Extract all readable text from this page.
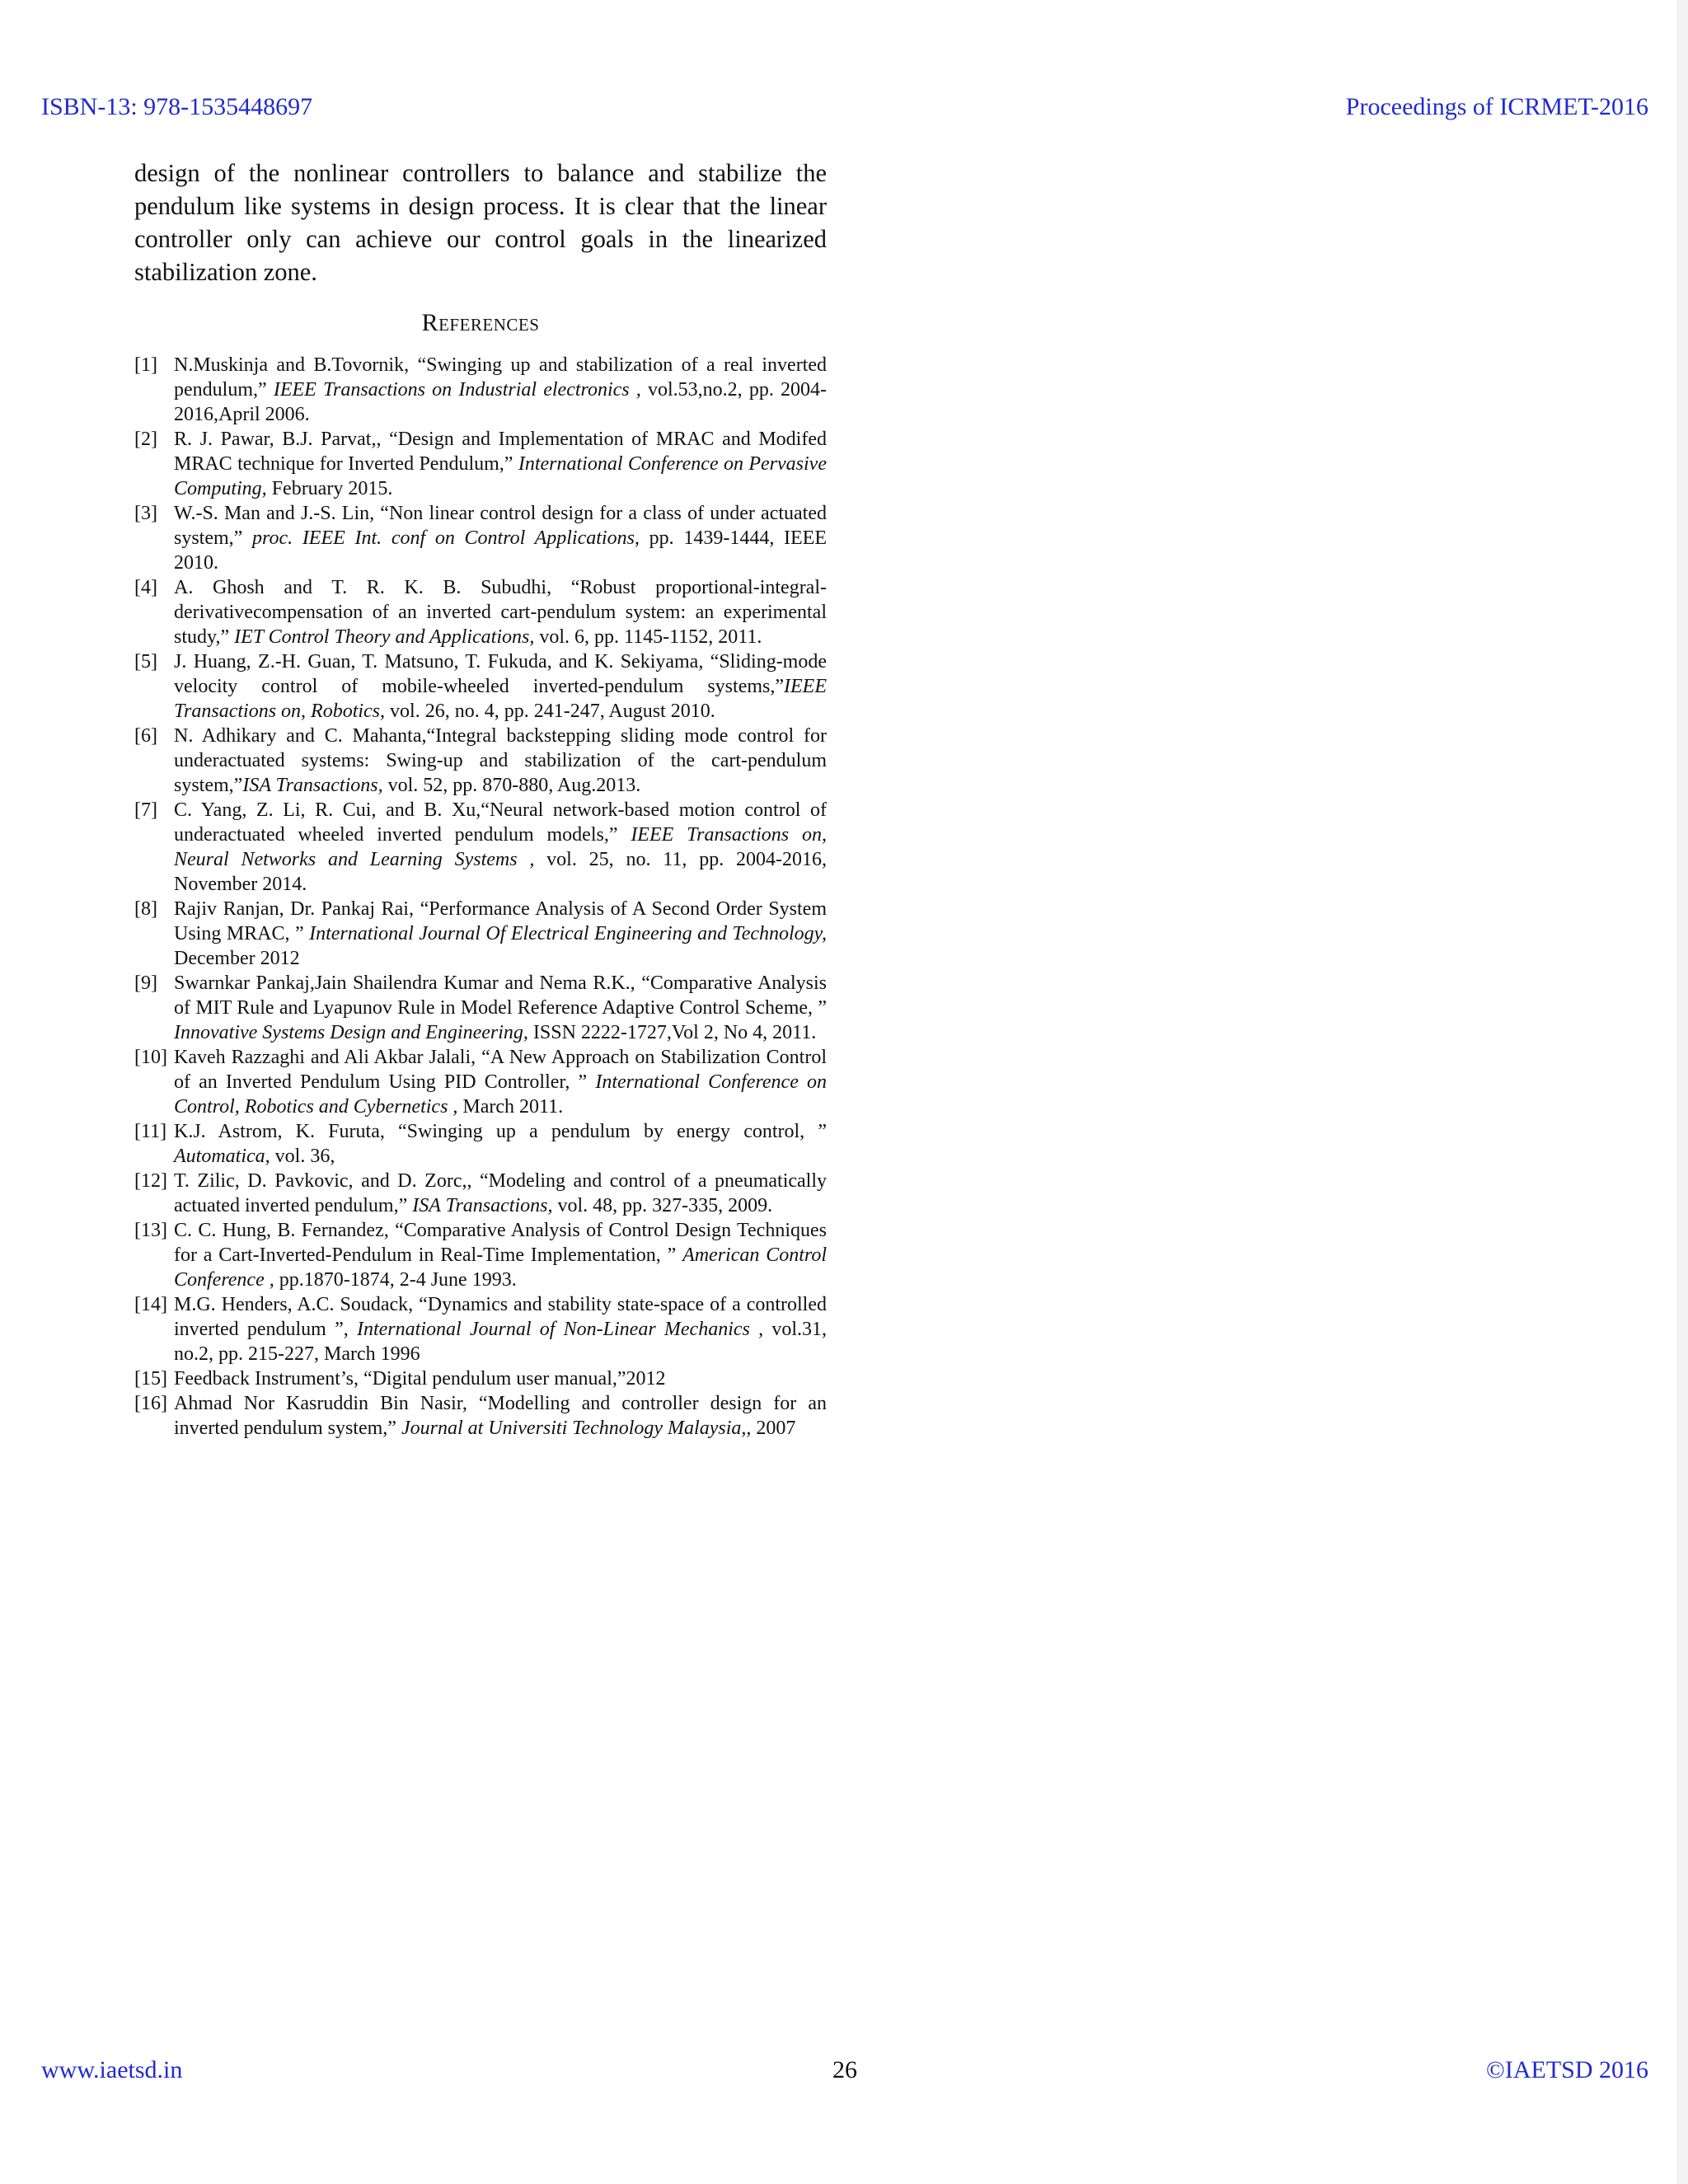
ISBN-13: 978-1535448697	Proceedings of ICRMET-2016
design of the nonlinear controllers to balance and stabilize the pendulum like systems in design process. It is clear that the linear controller only can achieve our control goals in the linearized stabilization zone.
References
[1] N.Muskinja and B.Tovornik, “Swinging up and stabilization of a real inverted pendulum,” IEEE Transactions on Industrial electronics , vol.53,no.2, pp. 2004-2016,April 2006.
[2] R. J. Pawar, B.J. Parvat,, “Design and Implementation of MRAC and Modifed MRAC technique for Inverted Pendulum,” International Conference on Pervasive Computing, February 2015.
[3] W.-S. Man and J.-S. Lin, “Non linear control design for a class of under actuated system,” proc. IEEE Int. conf on Control Applications, pp. 1439-1444, IEEE 2010.
[4] A. Ghosh and T. R. K. B. Subudhi, “Robust proportional-integral-derivativecompensation of an inverted cart-pendulum system: an experimental study,” IET Control Theory and Applications, vol. 6, pp. 1145-1152, 2011.
[5] J. Huang, Z.-H. Guan, T. Matsuno, T. Fukuda, and K. Sekiyama, “Sliding-mode velocity control of mobile-wheeled inverted-pendulum systems,”IEEE Transactions on, Robotics, vol. 26, no. 4, pp. 241-247, August 2010.
[6] N. Adhikary and C. Mahanta,“Integral backstepping sliding mode control for underactuated systems: Swing-up and stabilization of the cart-pendulum system,”ISA Transactions, vol. 52, pp. 870-880, Aug.2013.
[7] C. Yang, Z. Li, R. Cui, and B. Xu,“Neural network-based motion control of underactuated wheeled inverted pendulum models,” IEEE Transactions on, Neural Networks and Learning Systems , vol. 25, no. 11, pp. 2004-2016, November 2014.
[8] Rajiv Ranjan, Dr. Pankaj Rai, “Performance Analysis of A Second Order System Using MRAC, ” International Journal Of Electrical Engineering and Technology, December 2012
[9] Swarnkar Pankaj,Jain Shailendra Kumar and Nema R.K., “Comparative Analysis of MIT Rule and Lyapunov Rule in Model Reference Adaptive Control Scheme, ” Innovative Systems Design and Engineering, ISSN 2222-1727,Vol 2, No 4, 2011.
[10] Kaveh Razzaghi and Ali Akbar Jalali, “A New Approach on Stabilization Control of an Inverted Pendulum Using PID Controller, ” International Conference on Control, Robotics and Cybernetics , March 2011.
[11] K.J. Astrom, K. Furuta, “Swinging up a pendulum by energy control, ” Automatica, vol. 36,
[12] T. Zilic, D. Pavkovic, and D. Zorc,, “Modeling and control of a pneumatically actuated inverted pendulum,” ISA Transactions, vol. 48, pp. 327-335, 2009.
[13] C. C. Hung, B. Fernandez, “Comparative Analysis of Control Design Techniques for a Cart-Inverted-Pendulum in Real-Time Implementation, ” American Control Conference , pp.1870-1874, 2-4 June 1993.
[14] M.G. Henders, A.C. Soudack, “Dynamics and stability state-space of a controlled inverted pendulum ”, International Journal of Non-Linear Mechanics , vol.31, no.2, pp. 215-227, March 1996
[15] Feedback Instrument’s, “Digital pendulum user manual,”2012
[16] Ahmad Nor Kasruddin Bin Nasir, “Modelling and controller design for an inverted pendulum system,” Journal at Universiti Technology Malaysia,, 2007
www.iaetsd.in	26	©IAETSD 2016
